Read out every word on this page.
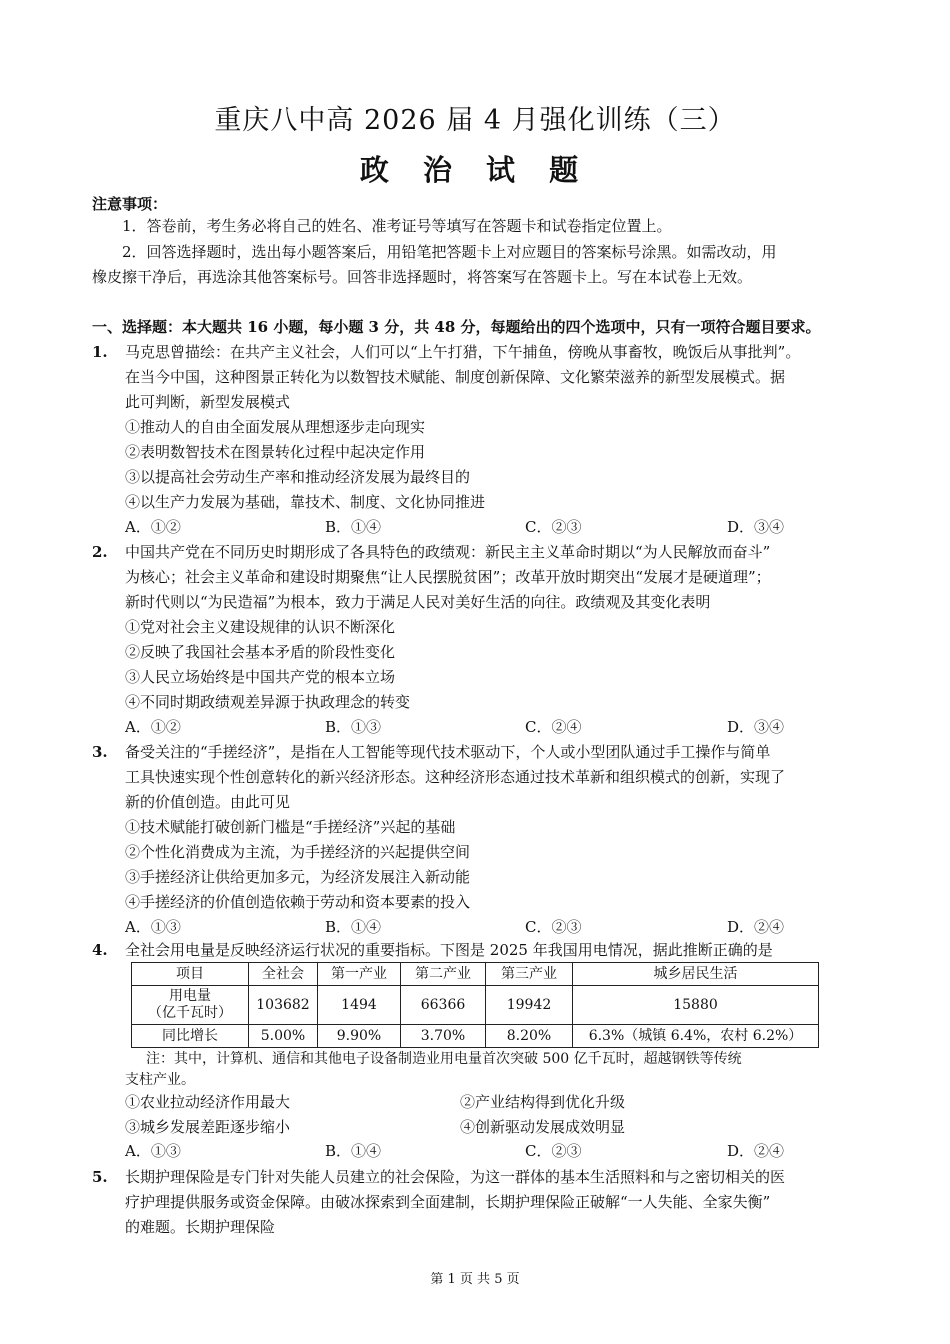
重庆八中高 2026 届 4 月强化训练（三）
政 治 试 题
注意事项：
1．答卷前，考生务必将自己的姓名、准考证号等填写在答题卡和试卷指定位置上。
2．回答选择题时，选出每小题答案后，用铅笔把答题卡上对应题目的答案标号涂黑。如需改动，用
橡皮擦干净后，再选涂其他答案标号。回答非选择题时，将答案写在答题卡上。写在本试卷上无效。
一、选择题：本大题共 16 小题，每小题 3 分，共 48 分，每题给出的四个选项中，只有一项符合题目要求。
1. 马克思曾描绘：在共产主义社会，人们可以“上午打猎，下午捕鱼，傍晚从事畜牧，晚饭后从事批判”。
在当今中国，这种图景正转化为以数智技术赋能、制度创新保障、文化繁荣滋养的新型发展模式。据
此可判断，新型发展模式
①推动人的自由全面发展从理想逐步走向现实
②表明数智技术在图景转化过程中起决定作用
③以提高社会劳动生产率和推动经济发展为最终目的
④以生产力发展为基础，靠技术、制度、文化协同推进
A．①②	B．①④	C．②③	D．③④
2. 中国共产党在不同历史时期形成了各具特色的政绩观：新民主主义革命时期以“为人民解放而奋斗”
为核心；社会主义革命和建设时期聚焦“让人民摆脱贫困”；改革开放时期突出“发展才是硬道理”；
新时代则以“为民造福”为根本，致力于满足人民对美好生活的向往。政绩观及其变化表明
①党对社会主义建设规律的认识不断深化
②反映了我国社会基本矛盾的阶段性变化
③人民立场始终是中国共产党的根本立场
④不同时期政绩观差异源于执政理念的转变
A．①②	B．①③	C．②④	D．③④
3. 备受关注的“手搓经济”，是指在人工智能等现代技术驱动下，个人或小型团队通过手工操作与简单
工具快速实现个性创意转化的新兴经济形态。这种经济形态通过技术革新和组织模式的创新，实现了
新的价值创造。由此可见
①技术赋能打破创新门槛是“手搓经济”兴起的基础
②个性化消费成为主流，为手搓经济的兴起提供空间
③手搓经济让供给更加多元，为经济发展注入新动能
④手搓经济的价值创造依赖于劳动和资本要素的投入
A．①③	B．①④	C．②③	D．②④
4. 全社会用电量是反映经济运行状况的重要指标。下图是 2025 年我国用电情况，据此推断正确的是
项目	全社会	第一产业	第二产业	第三产业	城乡居民生活
用电量
（亿千瓦时）	103682	1494	66366	19942	15880
同比增长	5.00%	9.90%	3.70%	8.20%	6.3%（城镇 6.4%，农村 6.2%）
注：其中，计算机、通信和其他电子设备制造业用电量首次突破 500 亿千瓦时，超越钢铁等传统
支柱产业。
①农业拉动经济作用最大	②产业结构得到优化升级
③城乡发展差距逐步缩小	④创新驱动发展成效明显
A．①③	B．①④	C．②③	D．②④
5. 长期护理保险是专门针对失能人员建立的社会保险，为这一群体的基本生活照料和与之密切相关的医
疗护理提供服务或资金保障。由破冰探索到全面建制，长期护理保险正破解“一人失能、全家失衡”
的难题。长期护理保险
第 1 页 共 5 页
